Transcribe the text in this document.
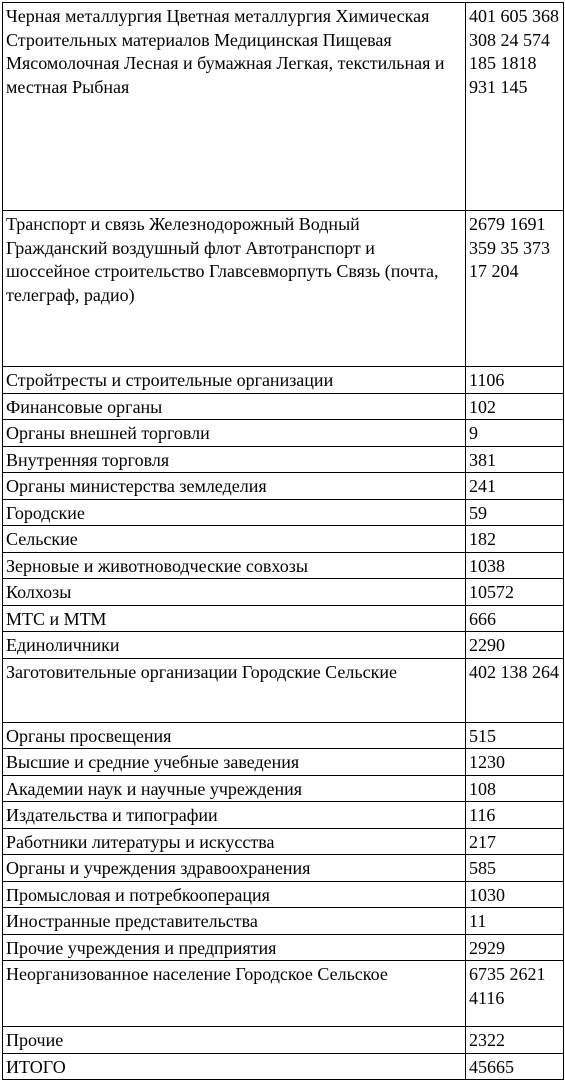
Черная металлургия Цветная металлургия Химическая Строительных материалов Медицинская Пищевая Мясомолочная Лесная и бумажная Легкая, текстильная и местная Рыбная	401 605 368 308 24 574 185 1818 931 145
Транспорт и связь Железнодорожный Водный Гражданский воздушный флот Автотранспорт и шоссейное строительство Главсевморпуть Связь (почта, телеграф, радио)	2679 1691 359 35 373 17 204
Стройтресты и строительные организации	1106
Финансовые органы	102
Органы внешней торговли	9
Внутренняя торговля	381
Органы министерства земледелия	241
Городские	59
Сельские	182
Зерновые и животноводческие совхозы	1038
Колхозы	10572
МТС и МТМ	666
Единоличники	2290
Заготовительные организации Городские Сельские	402 138 264
Органы просвещения	515
Высшие и средние учебные заведения	1230
Академии наук и научные учреждения	108
Издательства и типографии	116
Работники литературы и искусства	217
Органы и учреждения здравоохранения	585
Промысловая и потребкооперация	1030
Иностранные представительства	11
Прочие учреждения и предприятия	2929
Неорганизованное население Городское Сельское	6735 2621 4116
Прочие	2322
ИТОГО	45665
